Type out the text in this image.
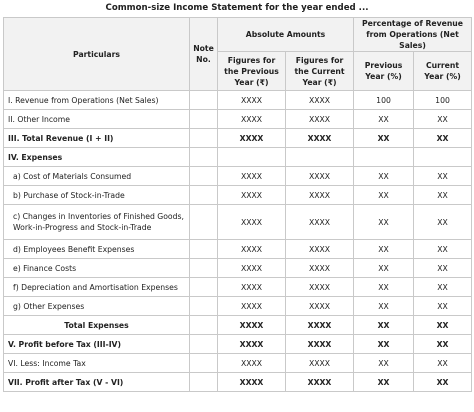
Common-size Income Statement for the year ended ...
Particulars	Note No.	Absolute Amounts		Percentage of Revenue from Operations (Net Sales)	
		Figures for the Previous Year (₹)	Figures for the Current Year (₹)	Previous Year (%)	Current Year (%)
I. Revenue from Operations (Net Sales)		XXXX	XXXX	100	100
II. Other Income		XXXX	XXXX	XX	XX
III. Total Revenue (I + II)		XXXX	XXXX	XX	XX
IV. Expenses					
a) Cost of Materials Consumed		XXXX	XXXX	XX	XX
b) Purchase of Stock-in-Trade		XXXX	XXXX	XX	XX
c) Changes in Inventories of Finished Goods, Work-in-Progress and Stock-in-Trade		XXXX	XXXX	XX	XX
d) Employees Benefit Expenses		XXXX	XXXX	XX	XX
e) Finance Costs		XXXX	XXXX	XX	XX
f) Depreciation and Amortisation Expenses		XXXX	XXXX	XX	XX
g) Other Expenses		XXXX	XXXX	XX	XX
Total Expenses		XXXX	XXXX	XX	XX
V. Profit before Tax (III-IV)		XXXX	XXXX	XX	XX
VI. Less: Income Tax		XXXX	XXXX	XX	XX
VII. Profit after Tax (V - VI)		XXXX	XXXX	XX	XX
